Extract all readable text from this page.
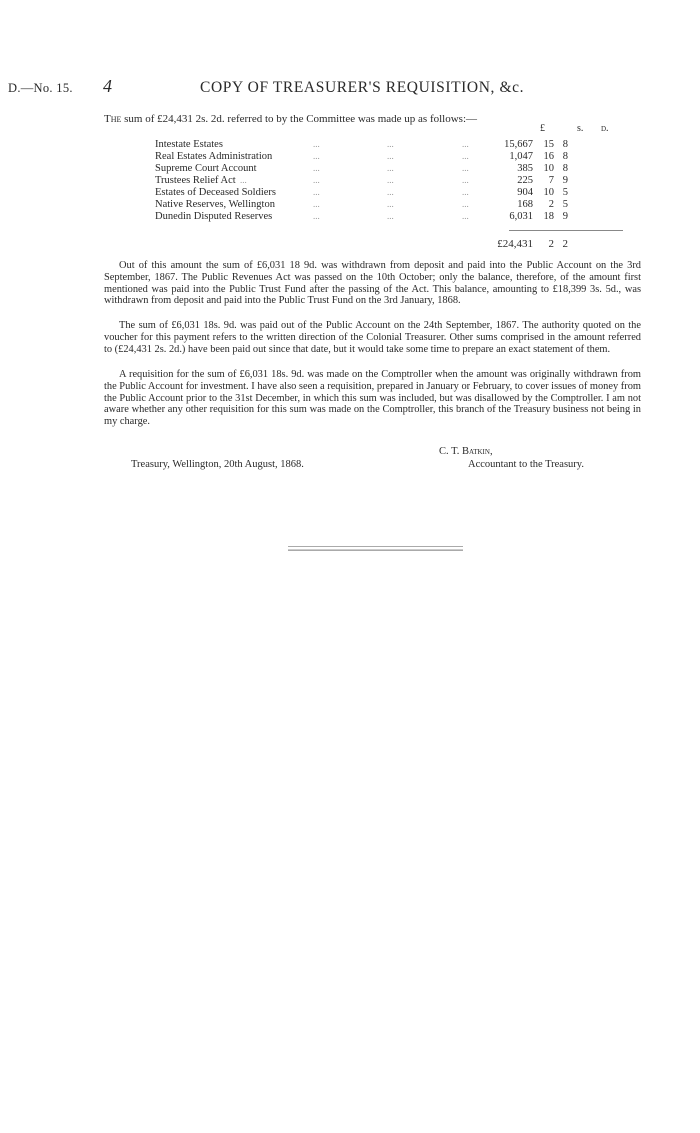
D.—No. 15. 4	COPY OF TREASURER'S REQUISITION, &c.
The sum of £24,431 2s. 2d. referred to by the Committee was made up as follows:—
£	s. d.
Intestate Estates	...	...	...	15,667 15 8
Real Estates Administration	...	...	...	1,047 16 8
Supreme Court Account	...	...	...	385 10 8
Trustees Relief Act ...	...	...	...	225 7 9
Estates of Deceased Soldiers	...	...	...	904 10 5
Native Reserves, Wellington	...	...	...	168 2 5
Dunedin Disputed Reserves	...	...	...	6,031 18 9
£24,431 2 2
Out of this amount the sum of £6,031 18 9d. was withdrawn from deposit and paid into the Public Account on the 3rd September, 1867. The Public Revenues Act was passed on the 10th October; only the balance, therefore, of the amount first mentioned was paid into the Public Trust Fund after the passing of the Act. This balance, amounting to £18,399 3s. 5d., was withdrawn from deposit and paid into the Public Trust Fund on the 3rd January, 1868.
The sum of £6,031 18s. 9d. was paid out of the Public Account on the 24th September, 1867. The authority quoted on the voucher for this payment refers to the written direction of the Colonial Treasurer. Other sums comprised in the amount referred to (£24,431 2s. 2d.) have been paid out since that date, but it would take some time to prepare an exact statement of them.
A requisition for the sum of £6,031 18s. 9d. was made on the Comptroller when the amount was originally withdrawn from the Public Account for investment. I have also seen a requisition, prepared in January or February, to cover issues of money from the Public Account prior to the 31st December, in which this sum was included, but was disallowed by the Comptroller. I am not aware whether any other requisition for this sum was made on the Comptroller, this branch of the Treasury business not being in my charge.
C. T. Batkin,
Accountant to the Treasury.
Treasury, Wellington, 20th August, 1868.
